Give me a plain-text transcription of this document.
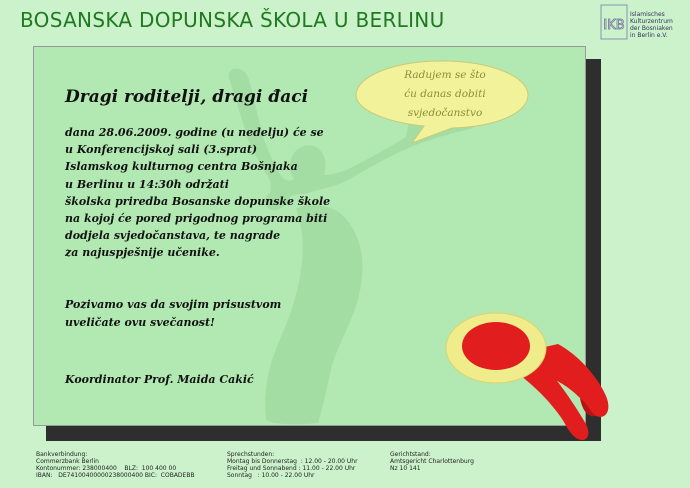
BOSANSKA DOPUNSKA ŠKOLA U BERLINU	IKB
Islamisches
Kulturzentrum
der Bosniaken
in Berlin e.V.
Dragi roditelji, dragi đaci
dana 28.06.2009. godine (u nedelju) će se
u Konferencijskoj sali (3.sprat)
Islamskog kulturnog centra Bošnjaka
u Berlinu u 14:30h održati
školska priredba Bosanske dopunske škole
na kojoj će pored prigodnog programa biti
dodjela svjedočanstava, te nagrade
za najuspješnije učenike.
Pozivamo vas da svojim prisustvom
uveličate ovu svečanost!
Koordinator Prof. Maida Cakić
Radujem se što
ću danas dobiti
svjedočanstvo
Bankverbindung:
Commerzbank Berlin
Kontonummer: 238000400    BLZ:  100 400 00
IBAN:   DE74100400000238000400 BIC:  COBADEBB
Sprechstunden:
Montag bis Donnerstag  : 12.00 - 20.00 Uhr
Freitag und Sonnabend : 11.00 - 22.00 Uhr
Sonntag   : 10.00 - 22.00 Uhr
Gerichtstand:
Amtsgericht Charlottenburg
Nz 10 141
